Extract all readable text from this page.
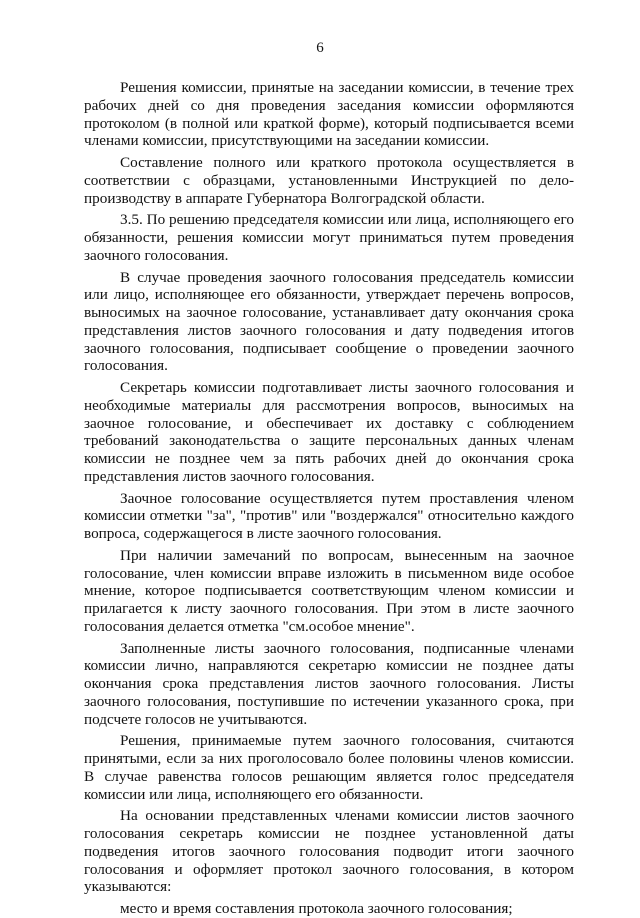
6

Решения комиссии, принятые на заседании комиссии, в течение трех рабочих дней со дня проведения заседания комиссии оформляются протоколом (в полной или краткой форме), который подписывается всеми членами комиссии, присутствующими на заседании комиссии.

Составление полного или краткого протокола осуществляется в соответствии с образцами, установленными Инструкцией по дело-производству в аппарате Губернатора Волгоградской области.

3.5. По решению председателя комиссии или лица, исполняющего его обязанности, решения комиссии могут приниматься путем проведения заочного голосования.

В случае проведения заочного голосования председатель комиссии или лицо, исполняющее его обязанности, утверждает перечень вопросов, выносимых на заочное голосование, устанавливает дату окончания срока представления листов заочного голосования и дату подведения итогов заочного голосования, подписывает сообщение о проведении заочного голосования.

Секретарь комиссии подготавливает листы заочного голосования и необходимые материалы для рассмотрения вопросов, выносимых на заочное голосование, и обеспечивает их доставку с соблюдением требований законодательства о защите персональных данных членам комиссии не позднее чем за пять рабочих дней до окончания срока представления листов заочного голосования.

Заочное голосование осуществляется путем проставления членом комиссии отметки "за", "против" или "воздержался" относительно каждого вопроса, содержащегося в листе заочного голосования.

При наличии замечаний по вопросам, вынесенным на заочное голосование, член комиссии вправе изложить в письменном виде особое мнение, которое подписывается соответствующим членом комиссии и прилагается к листу заочного голосования. При этом в листе заочного голосования делается отметка "см.особое мнение".

Заполненные листы заочного голосования, подписанные членами комиссии лично, направляются секретарю комиссии не позднее даты окончания срока представления листов заочного голосования. Листы заочного голосования, поступившие по истечении указанного срока, при подсчете голосов не учитываются.

Решения, принимаемые путем заочного голосования, считаются принятыми, если за них проголосовало более половины членов комиссии. В случае равенства голосов решающим является голос председателя комиссии или лица, исполняющего его обязанности.

На основании представленных членами комиссии листов заочного голосования секретарь комиссии не позднее установленной даты подведения итогов заочного голосования подводит итоги заочного голосования и оформляет протокол заочного голосования, в котором указываются:

место и время составления протокола заочного голосования;
